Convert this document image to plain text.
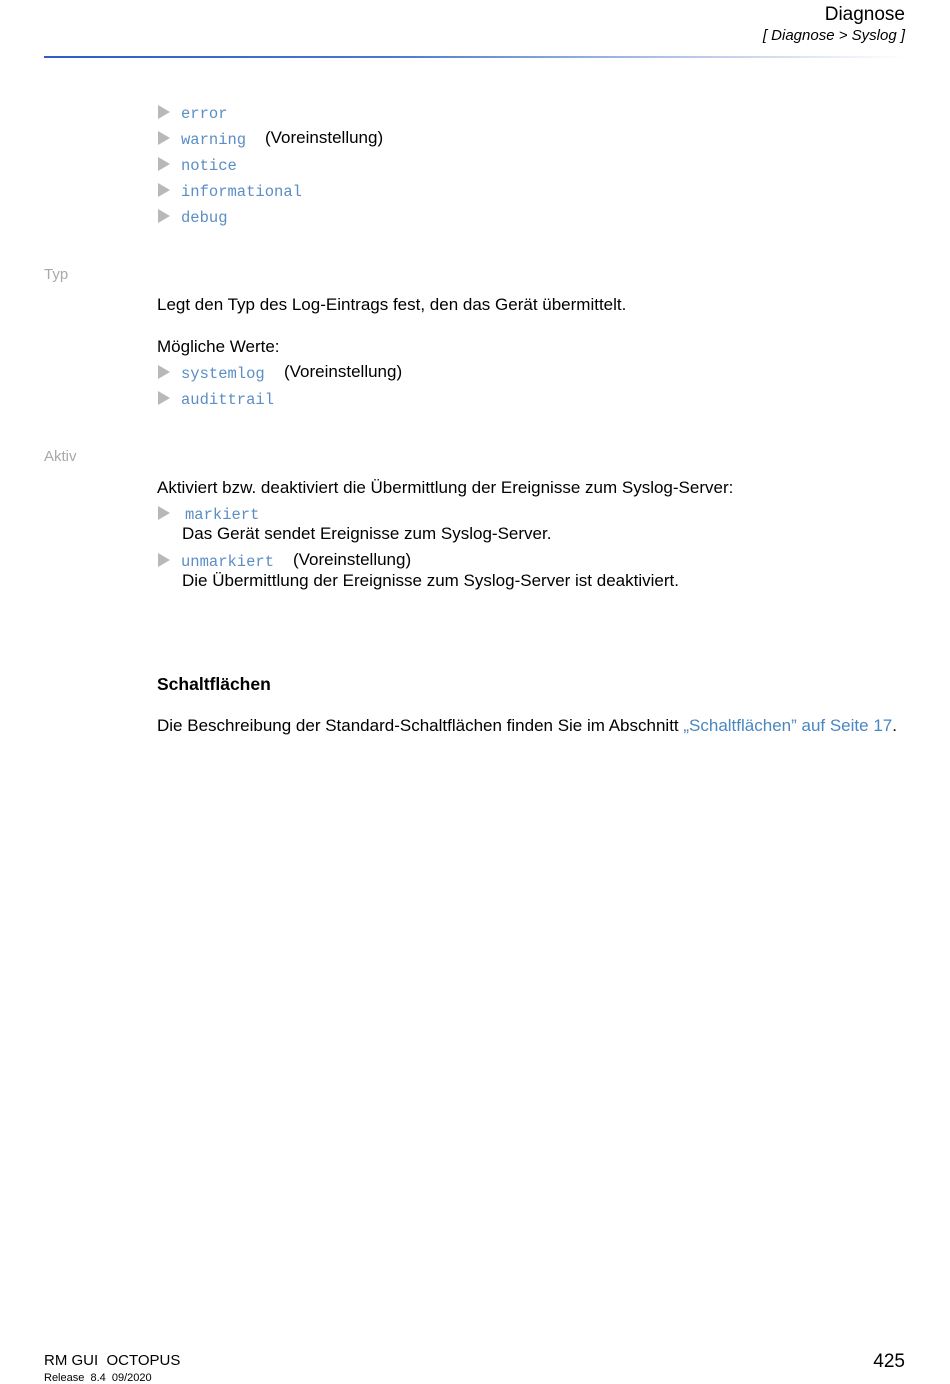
Diagnose
[ Diagnose > Syslog ]
error
warning (Voreinstellung)
notice
informational
debug
Typ
Legt den Typ des Log-Eintrags fest, den das Gerät übermittelt.
Mögliche Werte:
systemlog (Voreinstellung)
audittrail
Aktiv
Aktiviert bzw. deaktiviert die Übermittlung der Ereignisse zum Syslog-Server:
markiert
Das Gerät sendet Ereignisse zum Syslog-Server.
unmarkiert (Voreinstellung)
Die Übermittlung der Ereignisse zum Syslog-Server ist deaktiviert.
Schaltflächen
Die Beschreibung der Standard-Schaltflächen finden Sie im Abschnitt „Schaltflächen” auf Seite 17.
RM GUI  OCTOPUS
Release  8.4  09/2020
425
